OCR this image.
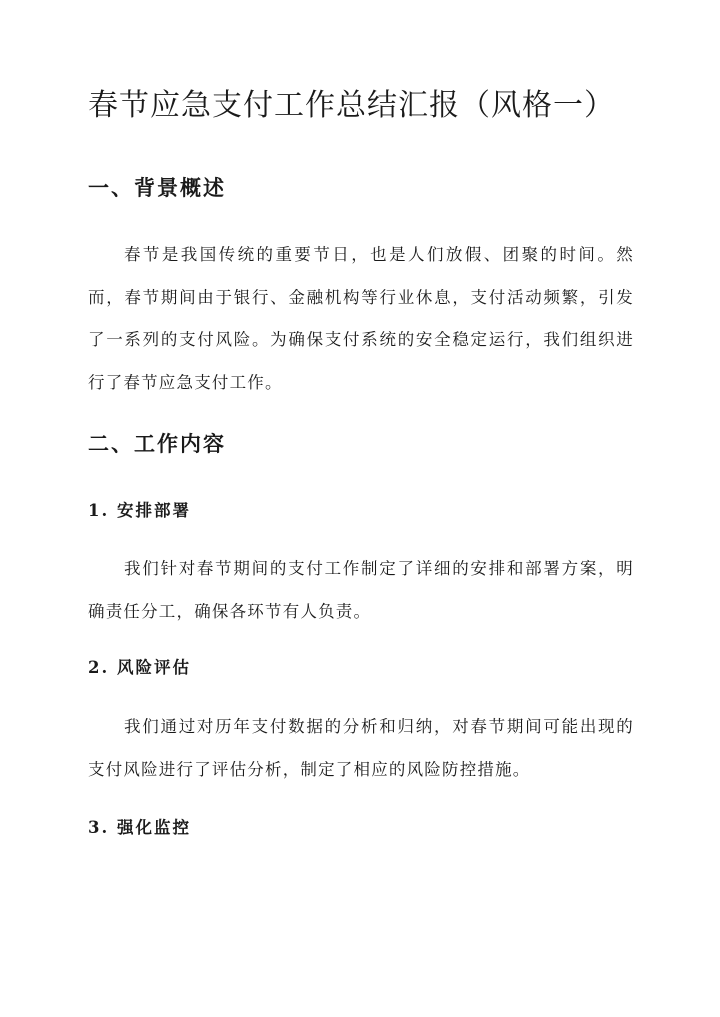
春节应急支付工作总结汇报（风格一）
一、背景概述

春节是我国传统的重要节日，也是人们放假、团聚的时间。然而，春节期间由于银行、金融机构等行业休息，支付活动频繁，引发了一系列的支付风险。为确保支付系统的安全稳定运行，我们组织进行了春节应急支付工作。

二、工作内容
1. 安排部署

我们针对春节期间的支付工作制定了详细的安排和部署方案，明确责任分工，确保各环节有人负责。

2. 风险评估

我们通过对历年支付数据的分析和归纳，对春节期间可能出现的支付风险进行了评估分析，制定了相应的风险防控措施。

3. 强化监控
